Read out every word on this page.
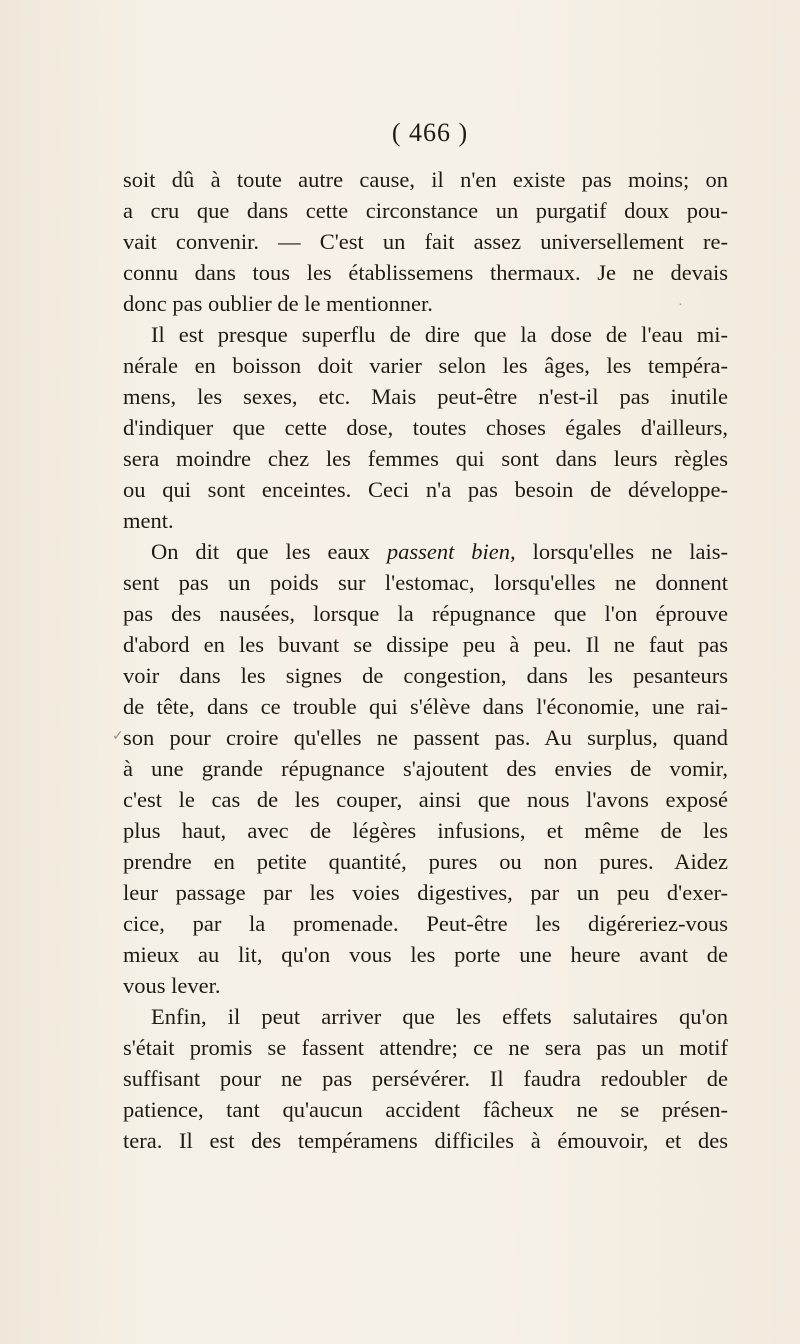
( 466 )
soit dû à toute autre cause, il n'en existe pas moins; on
a cru que dans cette circonstance un purgatif doux pou-
vait convenir. — C'est un fait assez universellement re-
connu dans tous les établissemens thermaux. Je ne devais
donc pas oublier de le mentionner.
Il est presque superflu de dire que la dose de l'eau mi-
nérale en boisson doit varier selon les âges, les tempéra-
mens, les sexes, etc. Mais peut-être n'est-il pas inutile
d'indiquer que cette dose, toutes choses égales d'ailleurs,
sera moindre chez les femmes qui sont dans leurs règles
ou qui sont enceintes. Ceci n'a pas besoin de développe-
ment.
On dit que les eaux passent bien, lorsqu'elles ne lais-
sent pas un poids sur l'estomac, lorsqu'elles ne donnent
pas des nausées, lorsque la répugnance que l'on éprouve
d'abord en les buvant se dissipe peu à peu. Il ne faut pas
voir dans les signes de congestion, dans les pesanteurs
de tête, dans ce trouble qui s'élève dans l'économie, une rai-
son pour croire qu'elles ne passent pas. Au surplus, quand
à une grande répugnance s'ajoutent des envies de vomir,
c'est le cas de les couper, ainsi que nous l'avons exposé
plus haut, avec de légères infusions, et même de les
prendre en petite quantité, pures ou non pures. Aidez
leur passage par les voies digestives, par un peu d'exer-
cice, par la promenade. Peut-être les digéreriez-vous
mieux au lit, qu'on vous les porte une heure avant de
vous lever.
Enfin, il peut arriver que les effets salutaires qu'on
s'était promis se fassent attendre; ce ne sera pas un motif
suffisant pour ne pas persévérer. Il faudra redoubler de
patience, tant qu'aucun accident fâcheux ne se présen-
tera. Il est des tempéramens difficiles à émouvoir, et des
✓
·
